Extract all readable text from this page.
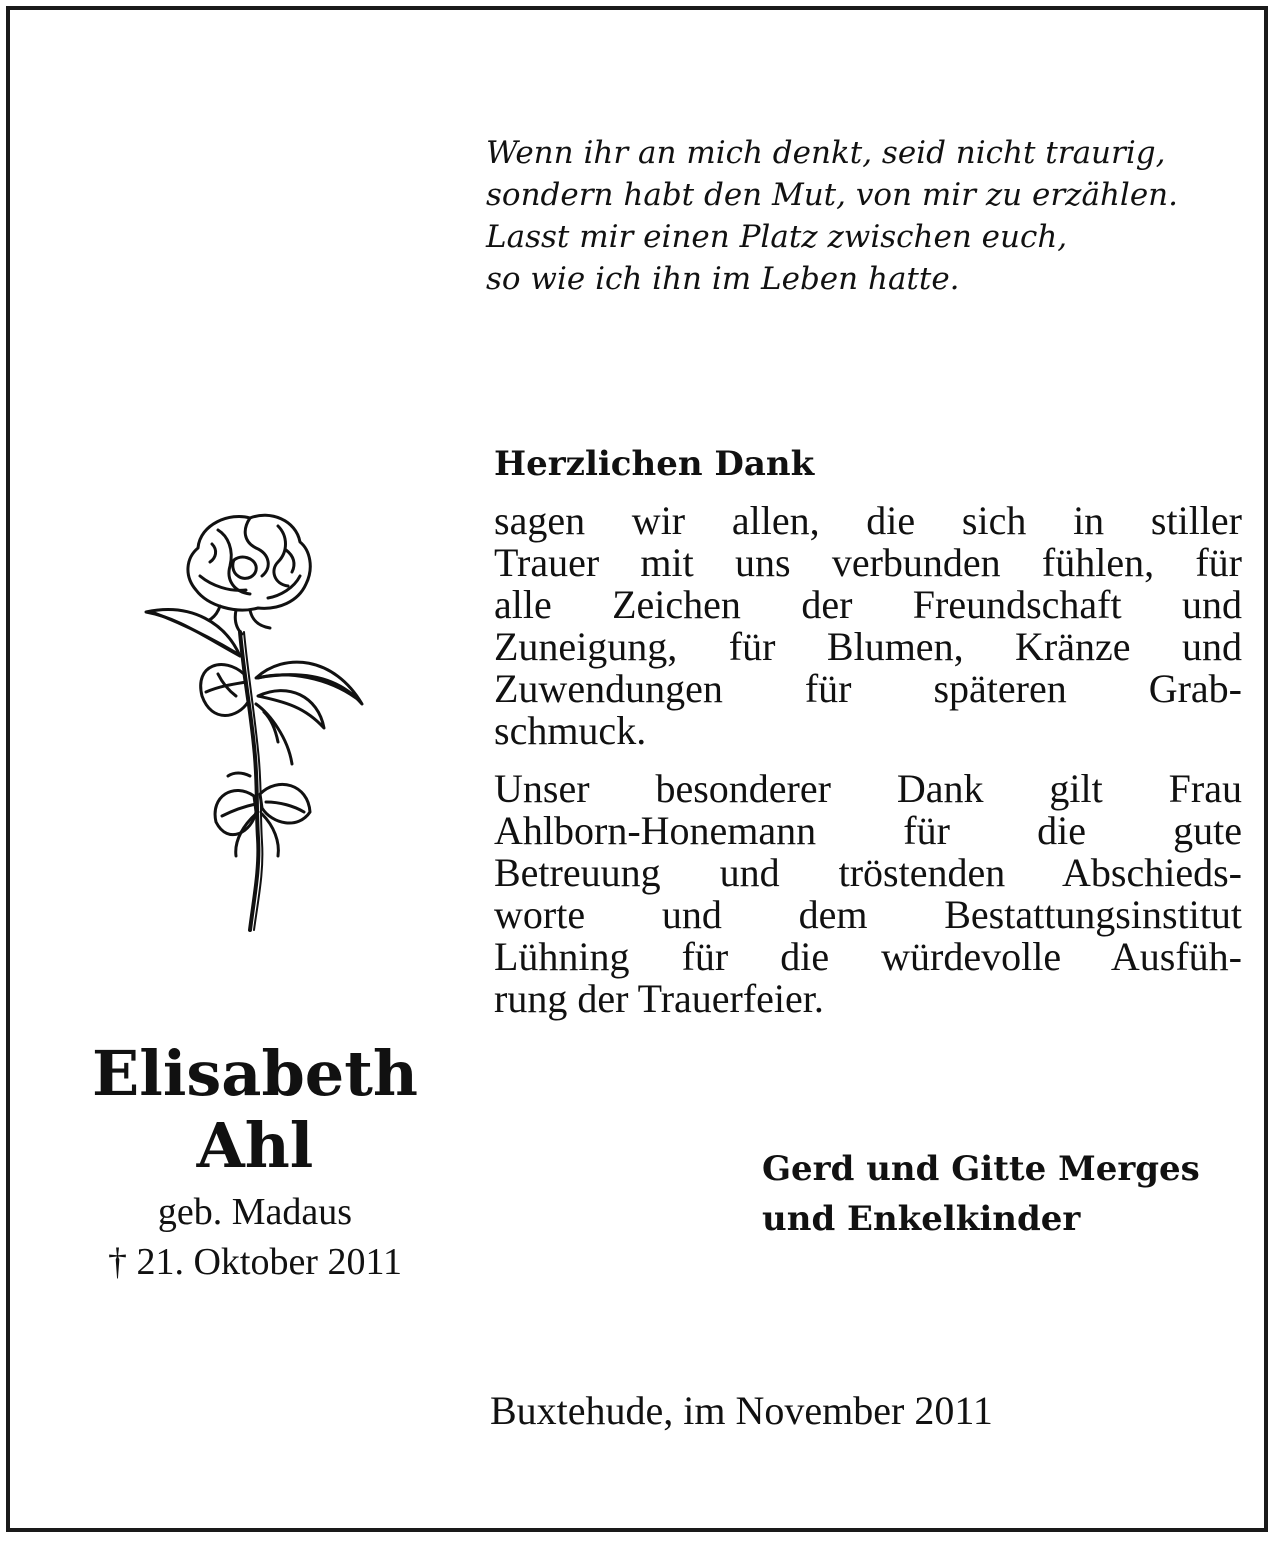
Wenn ihr an mich denkt, seid nicht traurig,
sondern habt den Mut, von mir zu erzählen.
Lasst mir einen Platz zwischen euch,
so wie ich ihn im Leben hatte.

Herzlichen Dank

sagen wir allen, die sich in stiller
Trauer mit uns verbunden fühlen, für
alle Zeichen der Freundschaft und
Zuneigung, für Blumen, Kränze und
Zuwendungen für späteren Grab-
schmuck.

Unser besonderer Dank gilt Frau
Ahlborn-Honemann für die gute
Betreuung und tröstenden Abschieds-
worte und dem Bestattungsinstitut
Lühning für die würdevolle Ausfüh-
rung der Trauerfeier.

Elisabeth
Ahl
geb. Madaus
† 21. Oktober 2011

Gerd und Gitte Merges
und Enkelkinder

Buxtehude, im November 2011
